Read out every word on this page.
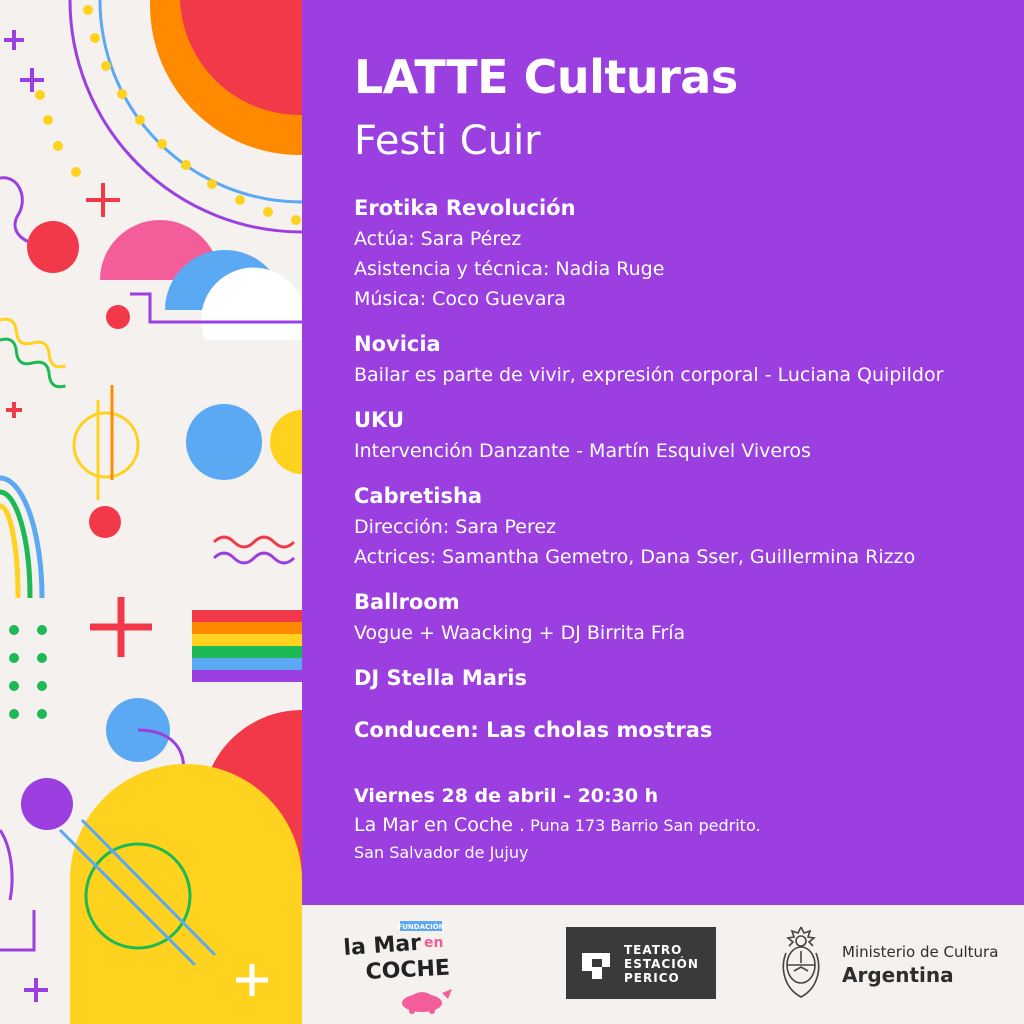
LATTE Culturas
Festi Cuir
Erotika Revolución
Actúa: Sara Pérez
Asistencia y técnica: Nadia Ruge
Música: Coco Guevara
Novicia
Bailar es parte de vivir, expresión corporal - Luciana Quipildor
UKU
Intervención Danzante - Martín Esquivel Viveros
Cabretisha
Dirección: Sara Perez
Actrices: Samantha Gemetro, Dana Sser, Guillermina Rizzo
Ballroom
Vogue + Waacking + DJ Birrita Fría
DJ Stella Maris
Conducen: Las cholas mostras
Viernes 28 de abril - 20:30 h
La Mar en Coche . Puna 173 Barrio San pedrito.
San Salvador de Jujuy
FUNDACIÓN
la Mar en
COCHE
TEATRO
ESTACIÓN
PERICO
Ministerio de Cultura
Argentina
